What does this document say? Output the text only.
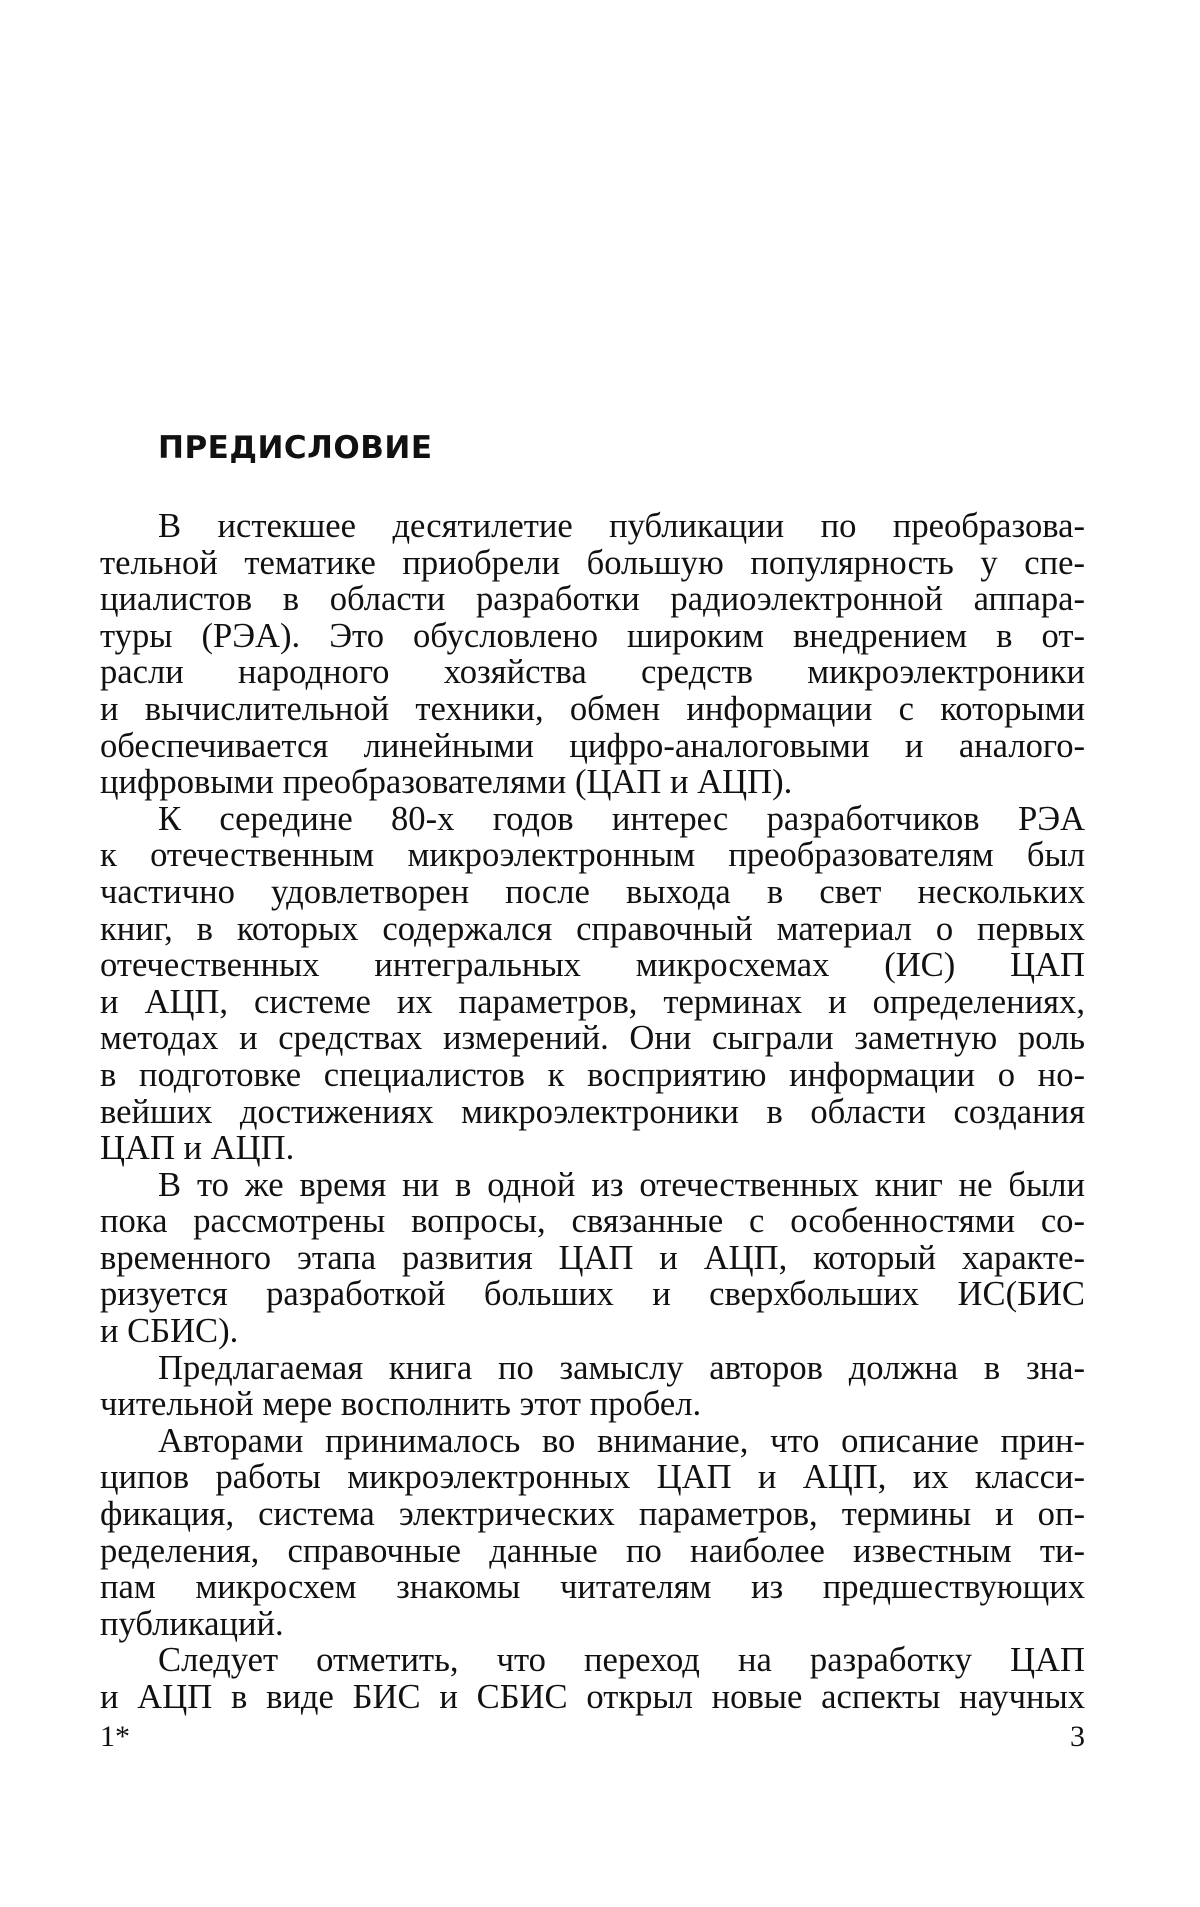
ПРЕДИСЛОВИЕ
В истекшее десятилетие публикации по преобразова-
тельной тематике приобрели большую популярность у спе-
циалистов в области разработки радиоэлектронной аппара-
туры (РЭА). Это обусловлено широким внедрением в от-
расли народного хозяйства средств микроэлектроники
и вычислительной техники, обмен информации с которыми
обеспечивается линейными цифро-аналоговыми и аналого-
цифровыми преобразователями (ЦАП и АЦП).
К середине 80-х годов интерес разработчиков РЭА
к отечественным микроэлектронным преобразователям был
частично удовлетворен после выхода в свет нескольких
книг, в которых содержался справочный материал о первых
отечественных интегральных микросхемах (ИС) ЦАП
и АЦП, системе их параметров, терминах и определениях,
методах и средствах измерений. Они сыграли заметную роль
в подготовке специалистов к восприятию информации о но-
вейших достижениях микроэлектроники в области создания
ЦАП и АЦП.
В то же время ни в одной из отечественных книг не были
пока рассмотрены вопросы, связанные с особенностями со-
временного этапа развития ЦАП и АЦП, который характе-
ризуется разработкой больших и сверхбольших ИС(БИС
и СБИС).
Предлагаемая книга по замыслу авторов должна в зна-
чительной мере восполнить этот пробел.
Авторами принималось во внимание, что описание прин-
ципов работы микроэлектронных ЦАП и АЦП, их класси-
фикация, система электрических параметров, термины и оп-
ределения, справочные данные по наиболее известным ти-
пам микросхем знакомы читателям из предшествующих
публикаций.
Следует отметить, что переход на разработку ЦАП
и АЦП в виде БИС и СБИС открыл новые аспекты научных
1*	3
